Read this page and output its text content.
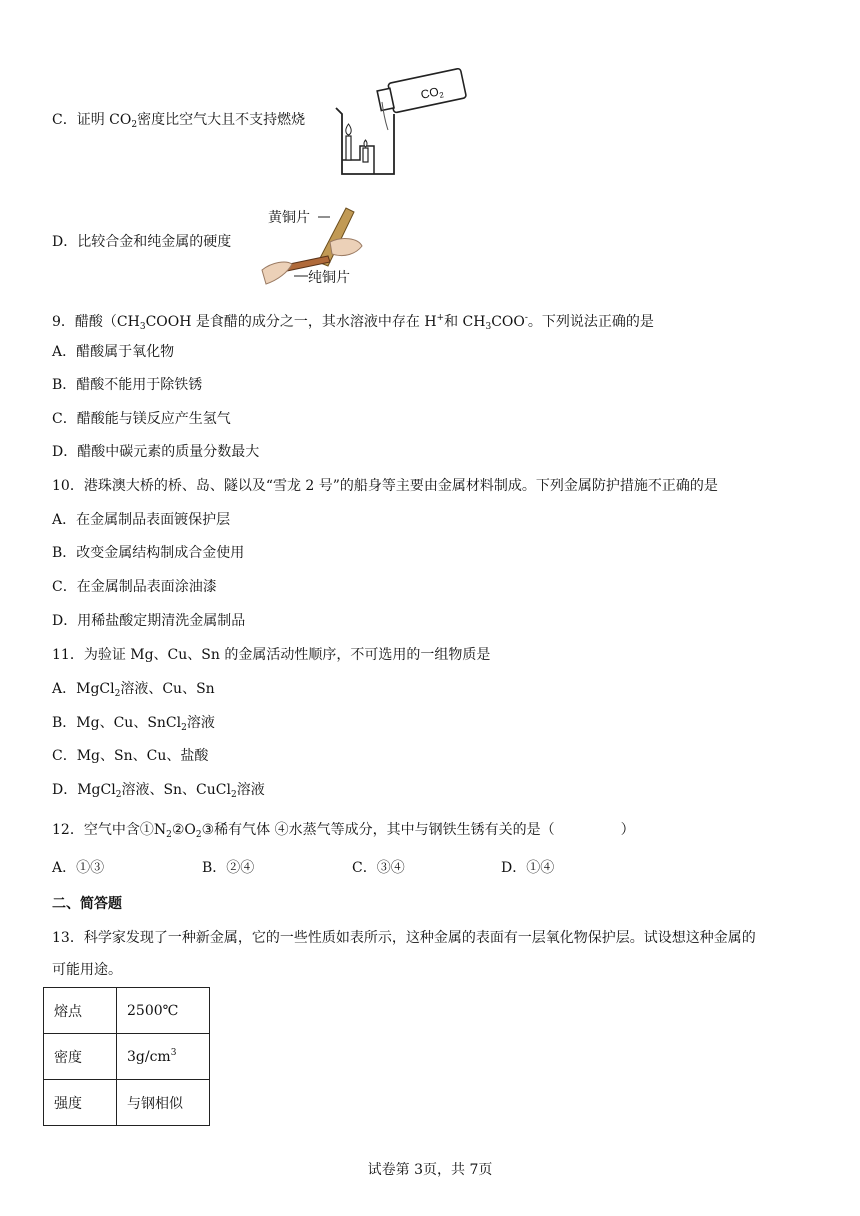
C．证明 $CO_2$密度比空气大且不支持燃烧
$CO_2$
D．比较合金和纯金属的硬度
黄铜片
纯铜片
9．醋酸（$CH_3COOH$ 是食醋的成分之一，其水溶液中存在 H+和 $CH_3COO^-$。下列说法正确的是
A．醋酸属于氧化物
B．醋酸不能用于除铁锈
C．醋酸能与镁反应产生氢气
D．醋酸中碳元素的质量分数最大
10．港珠澳大桥的桥、岛、隧以及“雪龙 2 号”的船身等主要由金属材料制成。下列金属防护措施不正确的是
A．在金属制品表面镀保护层
B．改变金属结构制成合金使用
C．在金属制品表面涂油漆
D．用稀盐酸定期清洗金属制品
11．为验证 Mg、Cu、Sn 的金属活动性顺序，不可选用的一组物质是
A．MgCl$_2$溶液、Cu、Sn
B．Mg、Cu、SnCl$_2$溶液
C．Mg、Sn、Cu、盐酸
D．MgCl$_2$溶液、Sn、CuCl$_2$溶液
12．空气中含$①N_2②O_2③$稀有气体 ④水蒸气等成分，其中与钢铁生锈有关的是（	）
A．①③	B．②④	C．③④	D．①④
二、简答题
13．科学家发现了一种新金属，它的一些性质如表所示，这种金属的表面有一层氧化物保护层。试设想这种金属的
可能用途。
熔点	2500℃
密度	$3g/cm^3$
强度	与钢相似
试卷第 3页，共 7页
